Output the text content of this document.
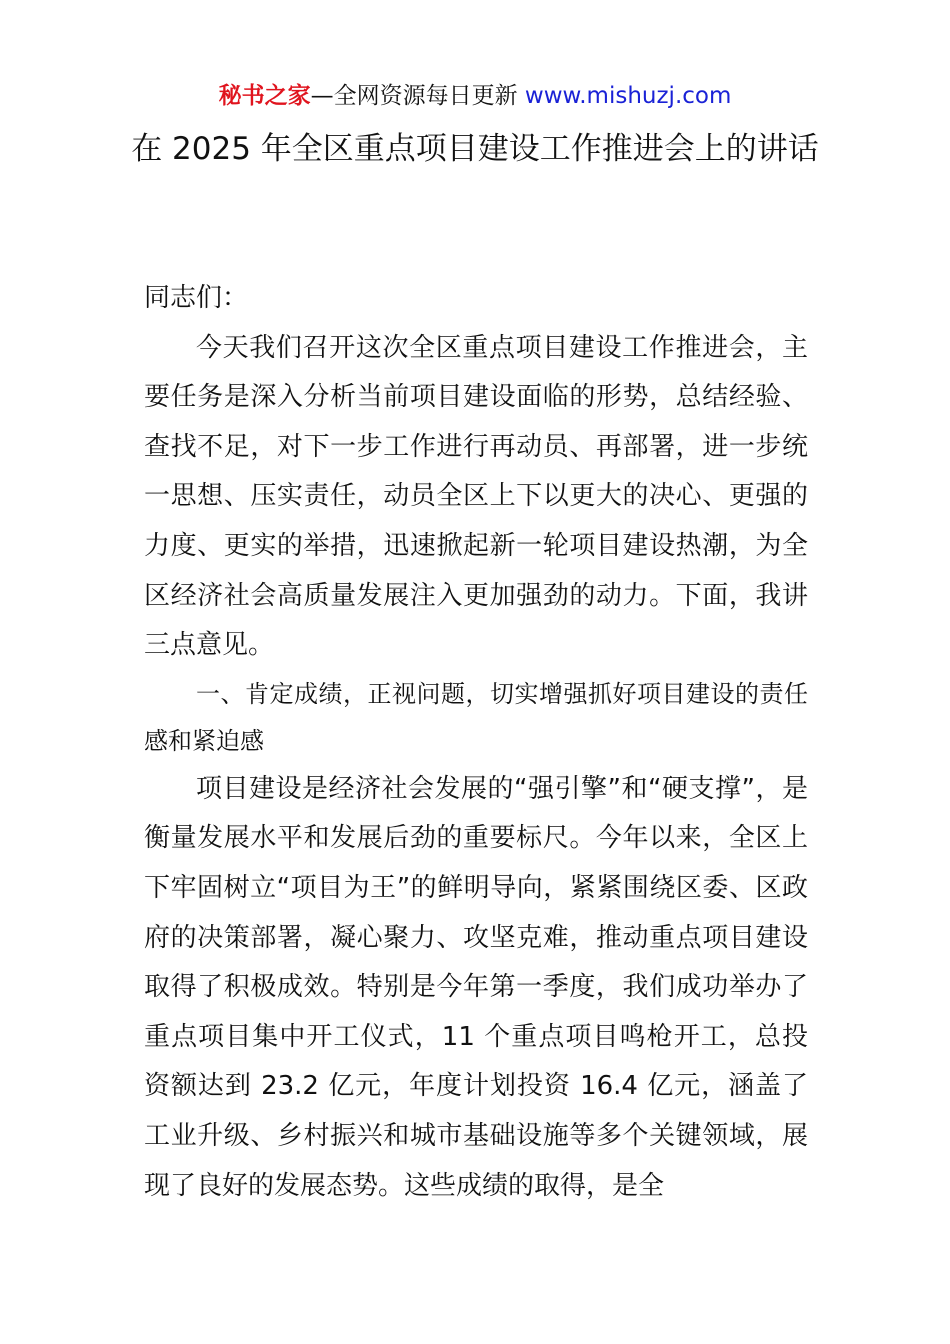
秘书之家—全网资源每日更新 www.mishuzj.com
在 2025 年全区重点项目建设工作推进会上的讲话

同志们：

今天我们召开这次全区重点项目建设工作推进会，主要任务是深入分析当前项目建设面临的形势，总结经验、查找不足，对下一步工作进行再动员、再部署，进一步统一思想、压实责任，动员全区上下以更大的决心、更强的力度、更实的举措，迅速掀起新一轮项目建设热潮，为全区经济社会高质量发展注入更加强劲的动力。下面，我讲三点意见。

一、肯定成绩，正视问题，切实增强抓好项目建设的责任感和紧迫感

项目建设是经济社会发展的“强引擎”和“硬支撑”，是衡量发展水平和发展后劲的重要标尺。今年以来，全区上下牢固树立“项目为王”的鲜明导向，紧紧围绕区委、区政府的决策部署，凝心聚力、攻坚克难，推动重点项目建设取得了积极成效。特别是今年第一季度，我们成功举办了重点项目集中开工仪式，11 个重点项目鸣枪开工，总投资额达到 23.2 亿元，年度计划投资 16.4 亿元，涵盖了工业升级、乡村振兴和城市基础设施等多个关键领域，展现了良好的发展态势。这些成绩的取得，是全
